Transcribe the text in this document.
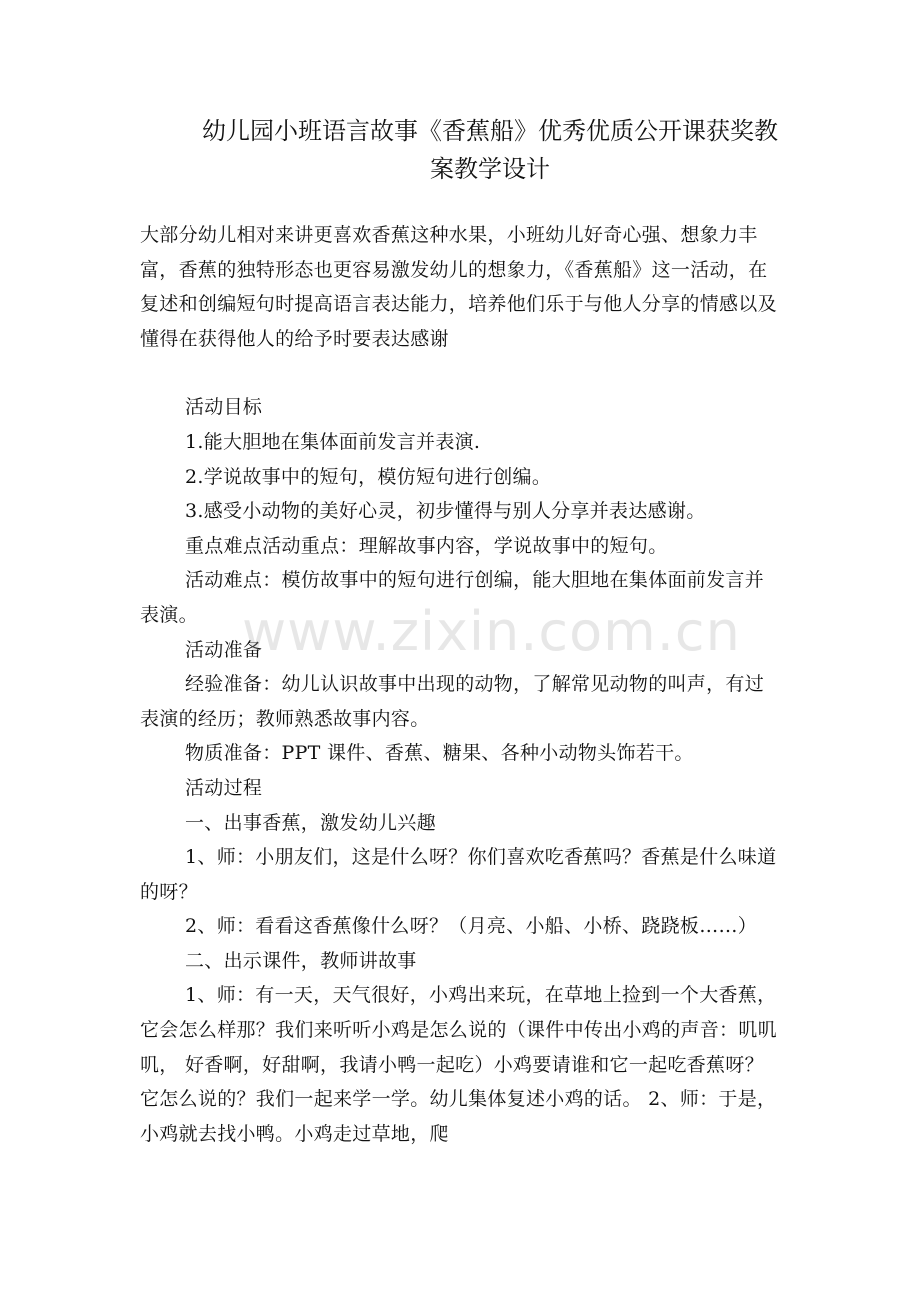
幼儿园小班语言故事《香蕉船》优秀优质公开课获奖教
案教学设计

大部分幼儿相对来讲更喜欢香蕉这种水果，小班幼儿好奇心强、想象力丰富，香蕉的独特形态也更容易激发幼儿的想象力，《香蕉船》这一活动，在复述和创编短句时提高语言表达能力，培养他们乐于与他人分享的情感以及懂得在获得他人的给予时要表达感谢

活动目标

1.能大胆地在集体面前发言并表演.

2.学说故事中的短句，模仿短句进行创编。

3.感受小动物的美好心灵，初步懂得与别人分享并表达感谢。

重点难点活动重点：理解故事内容，学说故事中的短句。

活动难点：模仿故事中的短句进行创编，能大胆地在集体面前发言并表演。

活动准备

经验准备：幼儿认识故事中出现的动物，了解常见动物的叫声，有过表演的经历；教师熟悉故事内容。

物质准备：PPT 课件、香蕉、糖果、各种小动物头饰若干。

活动过程

一、出事香蕉，激发幼儿兴趣

1、师：小朋友们，这是什么呀？你们喜欢吃香蕉吗？香蕉是什么味道的呀？

2、师：看看这香蕉像什么呀？（月亮、小船、小桥、跷跷板……）

二、出示课件，教师讲故事

1、师：有一天，天气很好，小鸡出来玩，在草地上捡到一个大香蕉，它会怎么样那？我们来听听小鸡是怎么说的（课件中传出小鸡的声音：叽叽叽， 好香啊，好甜啊，我请小鸭一起吃）小鸡要请谁和它一起吃香蕉呀？它怎么说的？我们一起来学一学。幼儿集体复述小鸡的话。 2、师：于是，小鸡就去找小鸭。小鸡走过草地，爬

www.zixin.com.cn
